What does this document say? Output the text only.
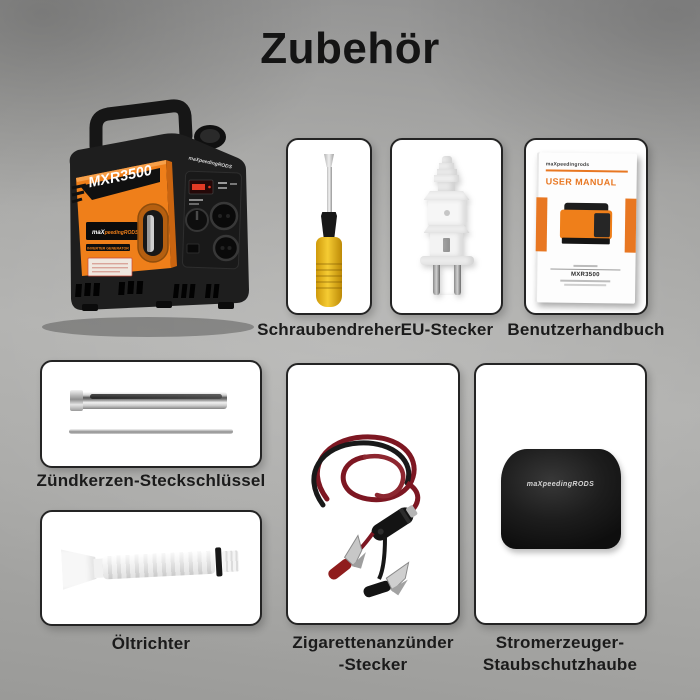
Zubehör
MXR3500
maXpeedingRODS
INVERTER GENERATOR
maXpeedingRODS	maXpeedingrods
USER MANUAL
MXR3500
Schraubendreher EU-Stecker Benutzerhandbuch
Zündkerzen-Steckschlüssel
Öltrichter	Zigarettenanzünder
-Stecker
maXpeedingRODS
Stromerzeuger-
Staubschutzhaube
